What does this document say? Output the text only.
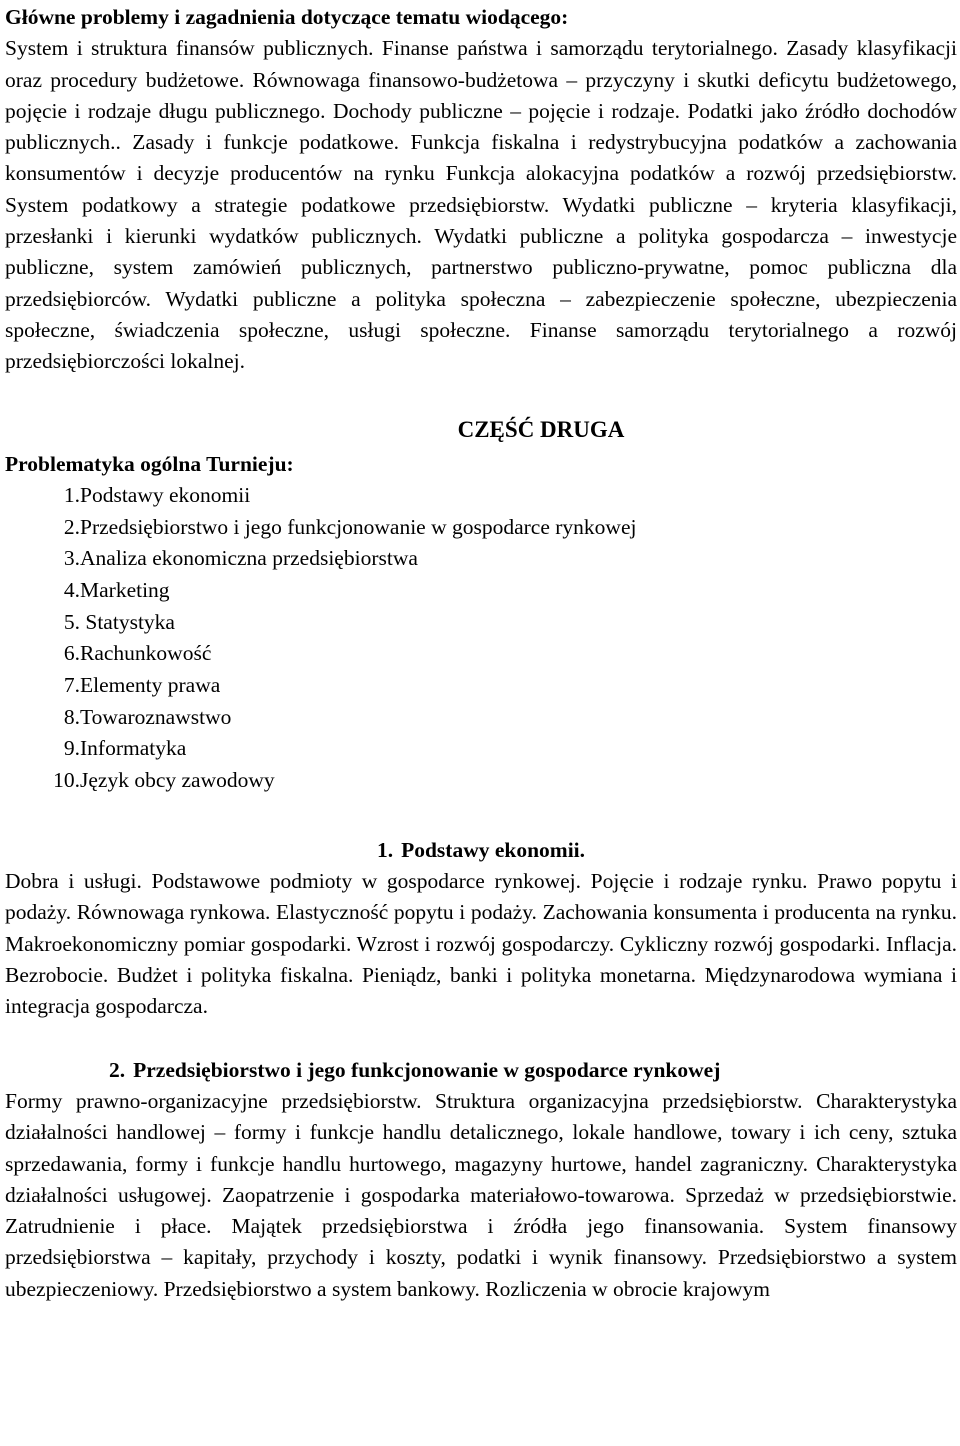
Główne problemy i zagadnienia dotyczące tematu wiodącego:

System i struktura finansów publicznych. Finanse państwa i samorządu terytorialnego. Zasady klasyfikacji oraz procedury budżetowe. Równowaga finansowo-budżetowa – przyczyny i skutki deficytu budżetowego, pojęcie i rodzaje długu publicznego. Dochody publiczne – pojęcie i rodzaje. Podatki jako źródło dochodów publicznych.. Zasady i funkcje podatkowe. Funkcja fiskalna i redystrybucyjna podatków a zachowania konsumentów i decyzje producentów na rynku Funkcja alokacyjna podatków a rozwój przedsiębiorstw. System podatkowy a strategie podatkowe przedsiębiorstw. Wydatki publiczne – kryteria klasyfikacji, przesłanki i kierunki wydatków publicznych. Wydatki publiczne a polityka gospodarcza – inwestycje publiczne, system zamówień publicznych, partnerstwo publiczno-prywatne, pomoc publiczna dla przedsiębiorców. Wydatki publiczne a polityka społeczna – zabezpieczenie społeczne, ubezpieczenia społeczne, świadczenia społeczne, usługi społeczne. Finanse samorządu terytorialnego a rozwój przedsiębiorczości lokalnej.

CZĘŚĆ DRUGA

Problematyka ogólna Turnieju:

1. Podstawy ekonomii
2. Przedsiębiorstwo i jego funkcjonowanie w gospodarce rynkowej
3. Analiza ekonomiczna przedsiębiorstwa
4. Marketing
5. Statystyka
6. Rachunkowość
7. Elementy prawa
8. Towaroznawstwo
9. Informatyka
10. Język obcy zawodowy

1. Podstawy ekonomii.

Dobra i usługi. Podstawowe podmioty w gospodarce rynkowej. Pojęcie i rodzaje rynku. Prawo popytu i podaży. Równowaga rynkowa. Elastyczność popytu i podaży. Zachowania konsumenta i producenta na rynku. Makroekonomiczny pomiar gospodarki. Wzrost i rozwój gospodarczy. Cykliczny rozwój gospodarki. Inflacja. Bezrobocie. Budżet i polityka fiskalna. Pieniądz, banki i polityka monetarna. Międzynarodowa wymiana i integracja gospodarcza.

2. Przedsiębiorstwo i jego funkcjonowanie w gospodarce rynkowej

Formy prawno-organizacyjne przedsiębiorstw. Struktura organizacyjna przedsiębiorstw. Charakterystyka działalności handlowej – formy i funkcje handlu detalicznego, lokale handlowe, towary i ich ceny, sztuka sprzedawania, formy i funkcje handlu hurtowego, magazyny hurtowe, handel zagraniczny. Charakterystyka działalności usługowej. Zaopatrzenie i gospodarka materiałowo-towarowa. Sprzedaż w przedsiębiorstwie. Zatrudnienie i płace. Majątek przedsiębiorstwa i źródła jego finansowania. System finansowy przedsiębiorstwa – kapitały, przychody i koszty, podatki i wynik finansowy. Przedsiębiorstwo a system ubezpieczeniowy. Przedsiębiorstwo a system bankowy. Rozliczenia w obrocie krajowym
